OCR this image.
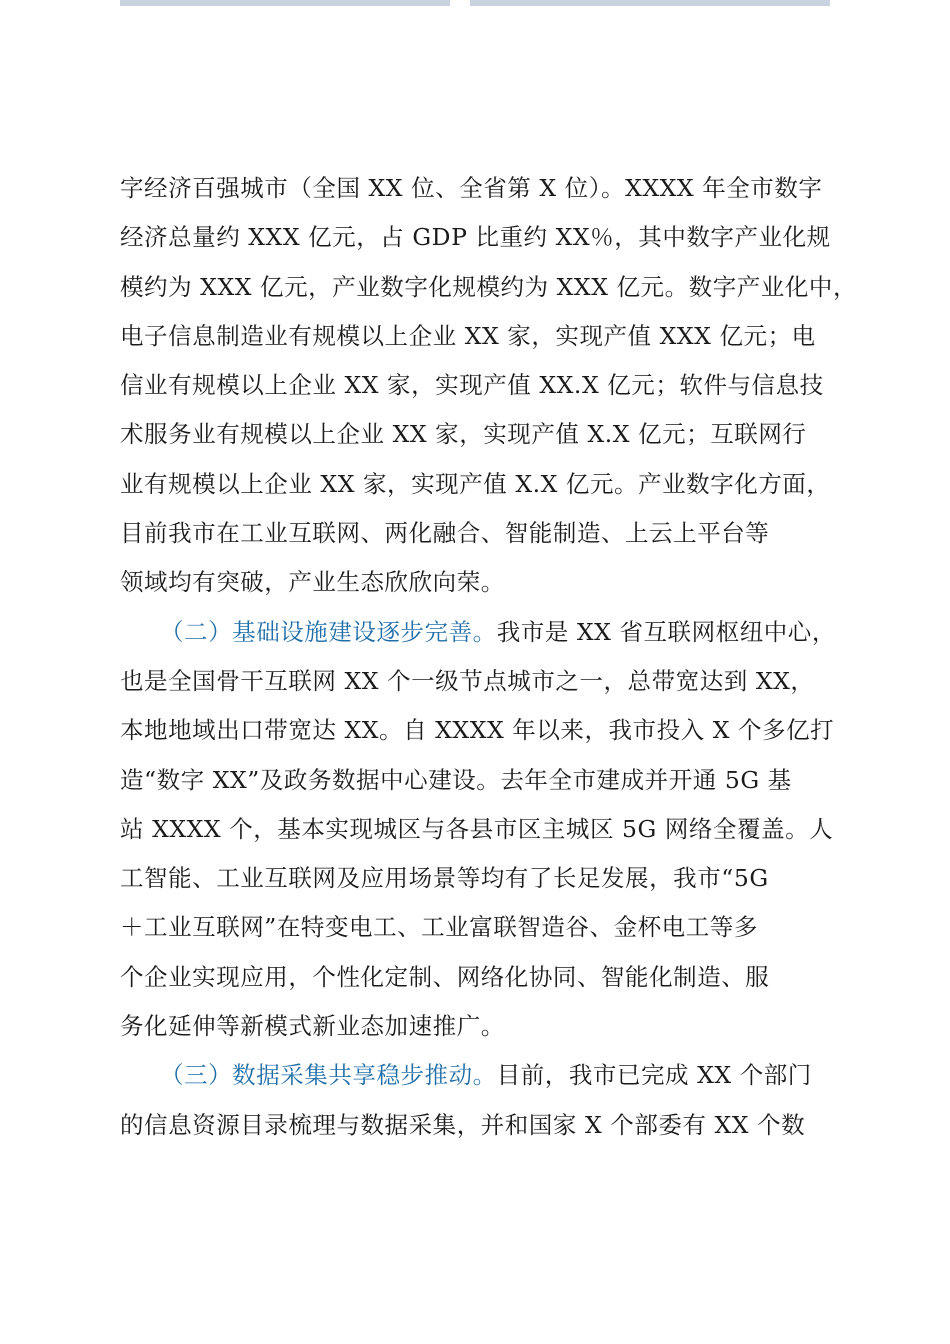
字经济百强城市（全国 XX 位、全省第 X 位）。XXXX 年全市数字
经济总量约 XXX 亿元，占 GDP 比重约 XX％，其中数字产业化规
模约为 XXX 亿元，产业数字化规模约为 XXX 亿元。数字产业化中，
电子信息制造业有规模以上企业 XX 家，实现产值 XXX 亿元；电
信业有规模以上企业 XX 家，实现产值 XX.X 亿元；软件与信息技
术服务业有规模以上企业 XX 家，实现产值 X.X 亿元；互联网行
业有规模以上企业 XX 家，实现产值 X.X 亿元。产业数字化方面，
目前我市在工业互联网、两化融合、智能制造、上云上平台等
领域均有突破，产业生态欣欣向荣。
（二）基础设施建设逐步完善。我市是 XX 省互联网枢纽中心，
也是全国骨干互联网 XX 个一级节点城市之一，总带宽达到 XX，
本地地域出口带宽达 XX。自 XXXX 年以来，我市投入 X 个多亿打
造“数字 XX”及政务数据中心建设。去年全市建成并开通 5G 基
站 XXXX 个，基本实现城区与各县市区主城区 5G 网络全覆盖。人
工智能、工业互联网及应用场景等均有了长足发展，我市“5G
＋工业互联网”在特变电工、工业富联智造谷、金杯电工等多
个企业实现应用，个性化定制、网络化协同、智能化制造、服
务化延伸等新模式新业态加速推广。
（三）数据采集共享稳步推动。目前，我市已完成 XX 个部门
的信息资源目录梳理与数据采集，并和国家 X 个部委有 XX 个数
